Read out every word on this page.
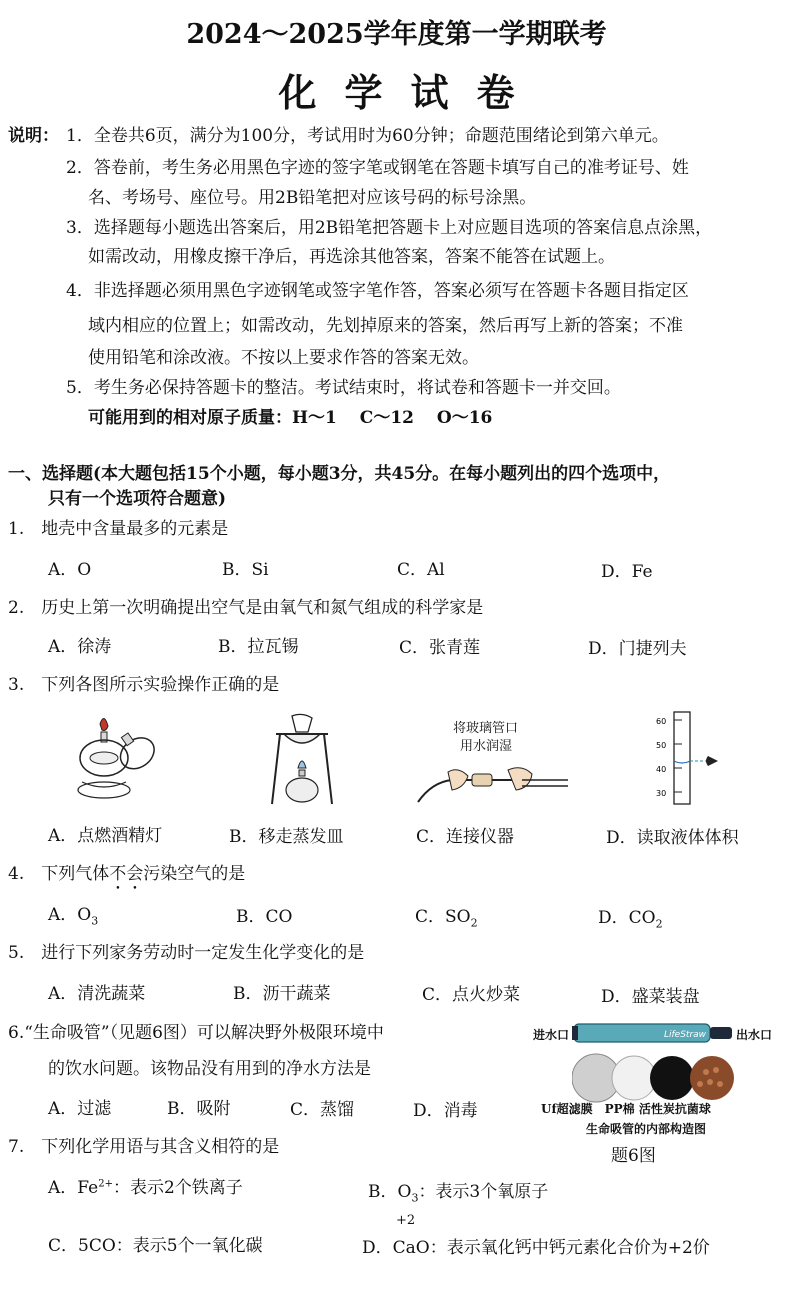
2024～2025学年度第一学期联考
化学试卷
说明： 1．全卷共6页，满分为100分，考试用时为60分钟；命题范围绪论到第六单元。
2．答卷前，考生务必用黑色字迹的签字笔或钢笔在答题卡填写自己的准考证号、姓
名、考场号、座位号。用2B铅笔把对应该号码的标号涂黑。
3．选择题每小题选出答案后，用2B铅笔把答题卡上对应题目选项的答案信息点涂黑，
如需改动，用橡皮擦干净后，再选涂其他答案，答案不能答在试题上。
4．非选择题必须用黑色字迹钢笔或签字笔作答，答案必须写在答题卡各题目指定区
域内相应的位置上；如需改动，先划掉原来的答案，然后再写上新的答案；不准
使用铅笔和涂改液。不按以上要求作答的答案无效。
5．考生务必保持答题卡的整洁。考试结束时，将试卷和答题卡一并交回。
可能用到的相对原子质量：H～1　 C～12　 O～16
一、选择题(本大题包括15个小题，每小题3分，共45分。在每小题列出的四个选项中，
只有一个选项符合题意)
1.　地壳中含量最多的元素是
A．O	B．Si	C．Al	D．Fe
2.　历史上第一次明确提出空气是由氧气和氮气组成的科学家是
A．徐涛	B．拉瓦锡	C．张青莲	D．门捷列夫
3.　下列各图所示实验操作正确的是
将玻璃管口
用水润湿
60
50
40
30
A．点燃酒精灯	B．移走蒸发皿	C．连接仪器	D．读取液体体积
4.　下列气体不会污染空气的是
A．$O_3$	B．CO	C．$SO_2$	D．$CO_2$
5.　进行下列家务劳动时一定发生化学变化的是
A．清洗蔬菜	B．沥干蔬菜	C．点火炒菜	D．盛菜装盘
6.“生命吸管”（见题6图）可以解决野外极限环境中
的饮水问题。该物品没有用到的净水方法是
A．过滤	B．吸附	C．蒸馏	D．消毒
进水口	出水口
LifeStraw
Uf超滤膜　PP棉 活性炭抗菌球
生命吸管的内部构造图
题6图
7.　下列化学用语与其含义相符的是
A．$Fe^{2+}$：表示2个铁离子	B．$O_3$：表示3个氧原子
C．5CO：表示5个一氧化碳
+2
D．CaO：表示氧化钙中钙元素化合价为+2价
